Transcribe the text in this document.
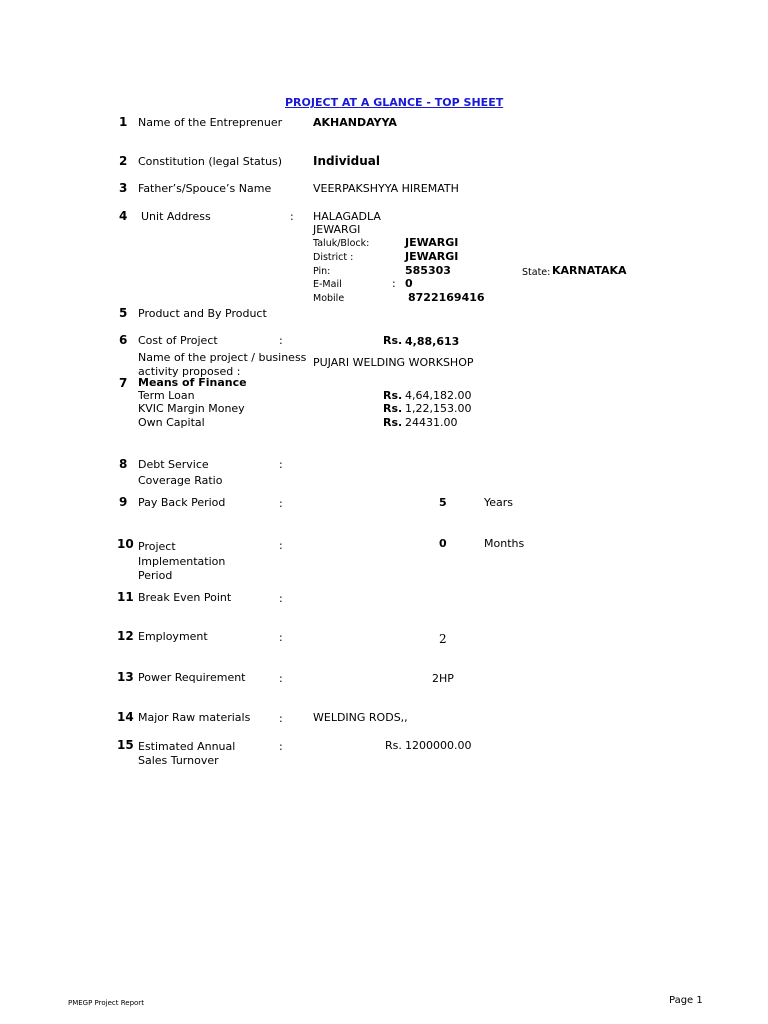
PROJECT AT A GLANCE - TOP SHEET
1 Name of the Entreprenuer	AKHANDAYYA
2 Constitution (legal Status)	Individual
3 Father’s/Spouce’s Name	VEERPAKSHYYA HIREMATH
4 Unit Address	: HALAGADLA
JEWARGI
Taluk/Block:	JEWARGI
District :	JEWARGI
Pin:	585303	State: KARNATAKA
E-Mail	: 0
Mobile	8722169416
5 Product and By Product
6 Cost of Project	:	Rs. 4,88,613
Name of the project / business
activity proposed :
PUJARI WELDING WORKSHOP
7 Means of Finance
Term Loan	Rs. 4,64,182.00
KVIC Margin Money	Rs. 1,22,153.00
Own Capital	Rs. 24431.00
8 Debt Service
Coverage Ratio
:
9 Pay Back Period	:	5	Years
10 Project
Implementation
Period
:	0	Months
11 Break Even Point	:
12 Employment	:	2
13 Power Requirement	:	2HP
14 Major Raw materials	:	WELDING RODS,,
15 Estimated Annual
Sales Turnover
:	Rs. 1200000.00
PMEGP Project Report	Page 1
